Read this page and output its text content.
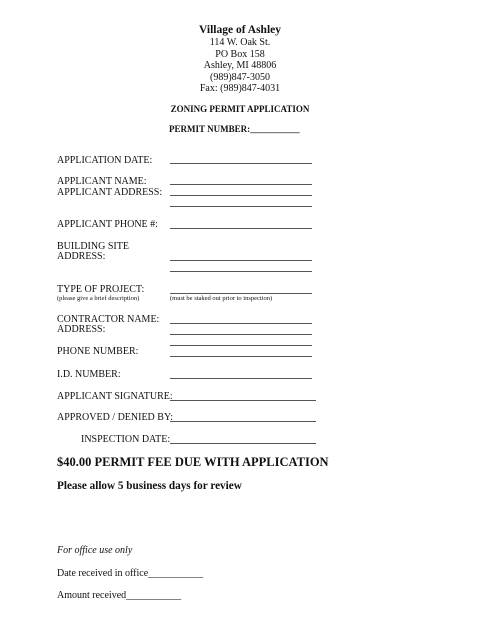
Village of Ashley
114 W. Oak St.
PO Box 158
Ashley, MI 48806
(989)847-3050
Fax: (989)847-4031
ZONING PERMIT APPLICATION
PERMIT NUMBER:___________
APPLICATION DATE:
APPLICANT NAME:
APPLICANT ADDRESS:
APPLICANT PHONE #:
BUILDING SITE
ADDRESS:
TYPE OF PROJECT:
(please give a brief description)	(must be staked out prior to inspection)
CONTRACTOR NAME:
ADDRESS:
PHONE NUMBER:
I.D. NUMBER:
APPLICANT SIGNATURE:
APPROVED / DENIED BY:
INSPECTION DATE:
$40.00 PERMIT FEE DUE WITH APPLICATION
Please allow 5 business days for review
For office use only
Date received in office___________
Amount received___________
